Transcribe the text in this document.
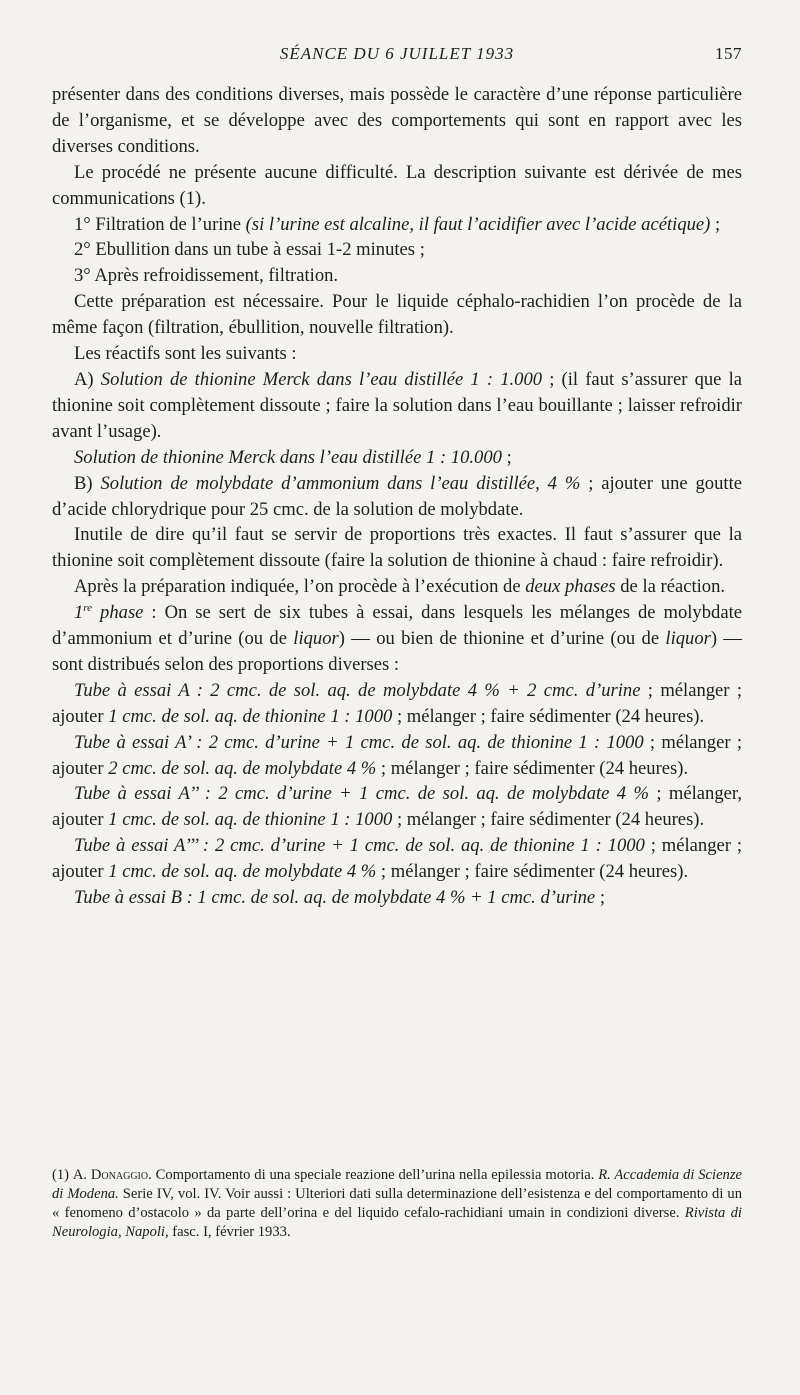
SÉANCE DU 6 JUILLET 1933	157

présenter dans des conditions diverses, mais possède le caractère d’une réponse particulière de l’organisme, et se développe avec des comportements qui sont en rapport avec les diverses conditions.

Le procédé ne présente aucune difficulté. La description suivante est dérivée de mes communications (1).

1° Filtration de l’urine (si l’urine est alcaline, il faut l’acidifier avec l’acide acétique) ;

2° Ebullition dans un tube à essai 1-2 minutes ;

3° Après refroidissement, filtration.

Cette préparation est nécessaire. Pour le liquide céphalo-rachidien l’on procède de la même façon (filtration, ébullition, nouvelle filtration).

Les réactifs sont les suivants :

A) Solution de thionine Merck dans l’eau distillée 1 : 1.000 ; (il faut s’assurer que la thionine soit complètement dissoute ; faire la solution dans l’eau bouillante ; laisser refroidir avant l’usage).

Solution de thionine Merck dans l’eau distillée 1 : 10.000 ;

B) Solution de molybdate d’ammonium dans l’eau distillée, 4 % ; ajouter une goutte d’acide chlorydrique pour 25 cmc. de la solution de molybdate.

Inutile de dire qu’il faut se servir de proportions très exactes. Il faut s’assurer que la thionine soit complètement dissoute (faire la solution de thionine à chaud : faire refroidir).

Après la préparation indiquée, l’on procède à l’exécution de deux phases de la réaction.

1re phase : On se sert de six tubes à essai, dans lesquels les mélanges de molybdate d’ammonium et d’urine (ou de liquor) — ou bien de thionine et d’urine (ou de liquor) — sont distribués selon des proportions diverses :

Tube à essai A : 2 cmc. de sol. aq. de molybdate 4 % + 2 cmc. d’urine ; mélanger ; ajouter 1 cmc. de sol. aq. de thionine 1 : 1000 ; mélanger ; faire sédimenter (24 heures).

Tube à essai A’ : 2 cmc. d’urine + 1 cmc. de sol. aq. de thionine 1 : 1000 ; mélanger ; ajouter 2 cmc. de sol. aq. de molybdate 4 % ; mélanger ; faire sédimenter (24 heures).

Tube à essai A’’ : 2 cmc. d’urine + 1 cmc. de sol. aq. de molybdate 4 % ; mélanger, ajouter 1 cmc. de sol. aq. de thionine 1 : 1000 ; mélanger ; faire sédimenter (24 heures).

Tube à essai A’’’ : 2 cmc. d’urine + 1 cmc. de sol. aq. de thionine 1 : 1000 ; mélanger ; ajouter 1 cmc. de sol. aq. de molybdate 4 % ; mélanger ; faire sédimenter (24 heures).

Tube à essai B : 1 cmc. de sol. aq. de molybdate 4 % + 1 cmc. d’urine ;

(1) A. Donaggio. Comportamento di una speciale reazione dell’urina nella epilessia motoria. R. Accademia di Scienze di Modena. Serie IV, vol. IV. Voir aussi : Ulteriori dati sulla determinazione dell’esistenza e del comportamento di un « fenomeno d’ostacolo » da parte dell’orina e del liquido cefalo-rachidiani umain in condizioni diverse. Rivista di Neurologia, Napoli, fasc. I, février 1933.
